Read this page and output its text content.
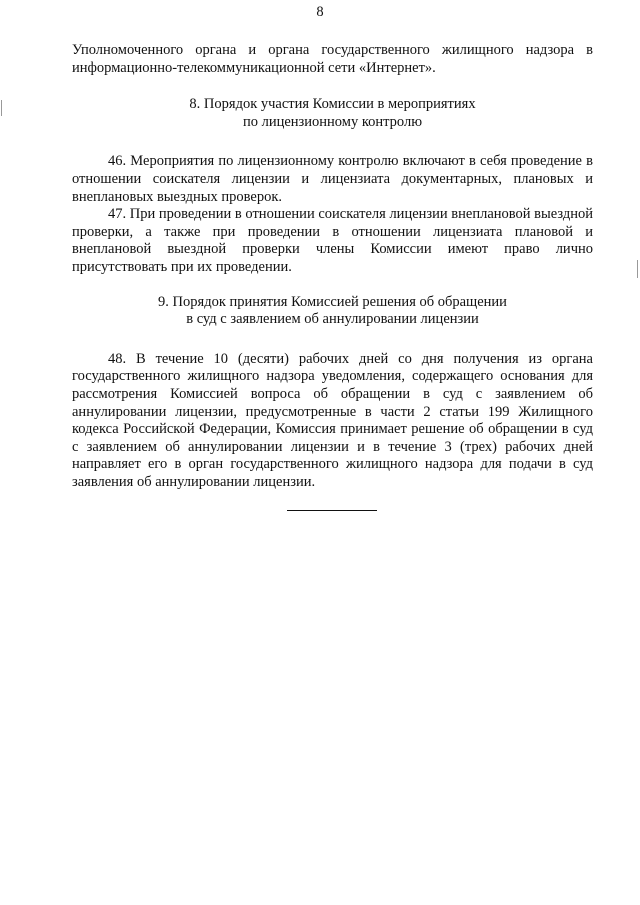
8

Уполномоченного органа и органа государственного жилищного надзора в информационно-телекоммуникационной сети «Интернет».

8. Порядок участия Комиссии в мероприятиях

по лицензионному контролю

46. Мероприятия по лицензионному контролю включают в себя проведение в отношении соискателя лицензии и лицензиата документарных, плановых и внеплановых выездных проверок.

47. При проведении в отношении соискателя лицензии внеплановой выездной проверки, а также при проведении в отношении лицензиата плановой и внеплановой выездной проверки члены Комиссии имеют право лично присутствовать при их проведении.

9. Порядок принятия Комиссией решения об обращении

в суд с заявлением об аннулировании лицензии

48. В течение 10 (десяти) рабочих дней со дня получения из органа государственного жилищного надзора уведомления, содержащего основания для рассмотрения Комиссией вопроса об обращении в суд с заявлением об аннулировании лицензии, предусмотренные в части 2 статьи 199 Жилищного кодекса Российской Федерации, Комиссия принимает решение об обращении в суд с заявлением об аннулировании лицензии и в течение 3 (трех) рабочих дней направляет его в орган государственного жилищного надзора для подачи в суд заявления об аннулировании лицензии.
